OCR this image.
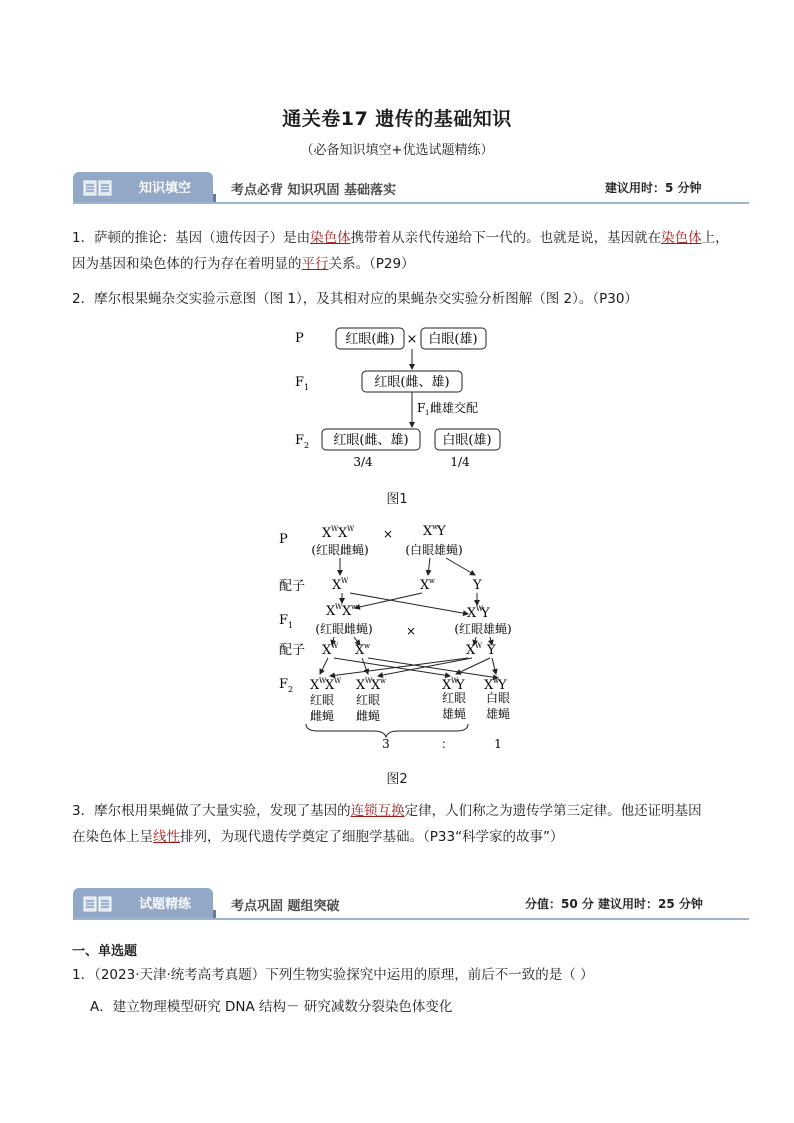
通关卷17 遗传的基础知识
（必备知识填空+优选试题精练）
知识填空	考点必背 知识巩固 基础落实	建议用时：5 分钟
1．萨顿的推论：基因（遗传因子）是由染色体携带着从亲代传递给下一代的。也就是说，基因就在染色体上，因为基因和染色体的行为存在着明显的平行关系。（P29）
2．摩尔根果蝇杂交实验示意图（图 1），及其相对应的果蝇杂交实验分析图解（图 2）。（P30）
P
F 1
F 2
红眼(雌) × 白眼(雄)
红眼(雌、雄)
F 1 雌雄交配
红眼(雌、雄)	白眼(雄)
3/4	1/4
图1
P
配子
F 1
配子
F 2
X W X W
(红眼雌蝇)
× X w Y
(白眼雄蝇)
X W	X w	Y
X W X w
(红眼雌蝇)	×
X W
Y
(红眼雄蝇)
X W X w	X W Y
X W
X W X W
X w	X W
Y X w Y
红眼
雌蝇
红眼
雌蝇
红眼
雄蝇
白眼
雄蝇
3	：	1
图2
3．摩尔根用果蝇做了大量实验，发现了基因的连锁互换定律，人们称之为遗传学第三定律。他还证明基因
在染色体上呈线性排列，为现代遗传学奠定了细胞学基础。（P33“科学家的故事”）
试题精练	考点巩固 题组突破	分值：50 分 建议用时：25 分钟
一、单选题
1．（2023·天津·统考高考真题）下列生物实验探究中运用的原理，前后不一致的是（ ）
A．建立物理模型研究 DNA 结构－ 研究减数分裂染色体变化
